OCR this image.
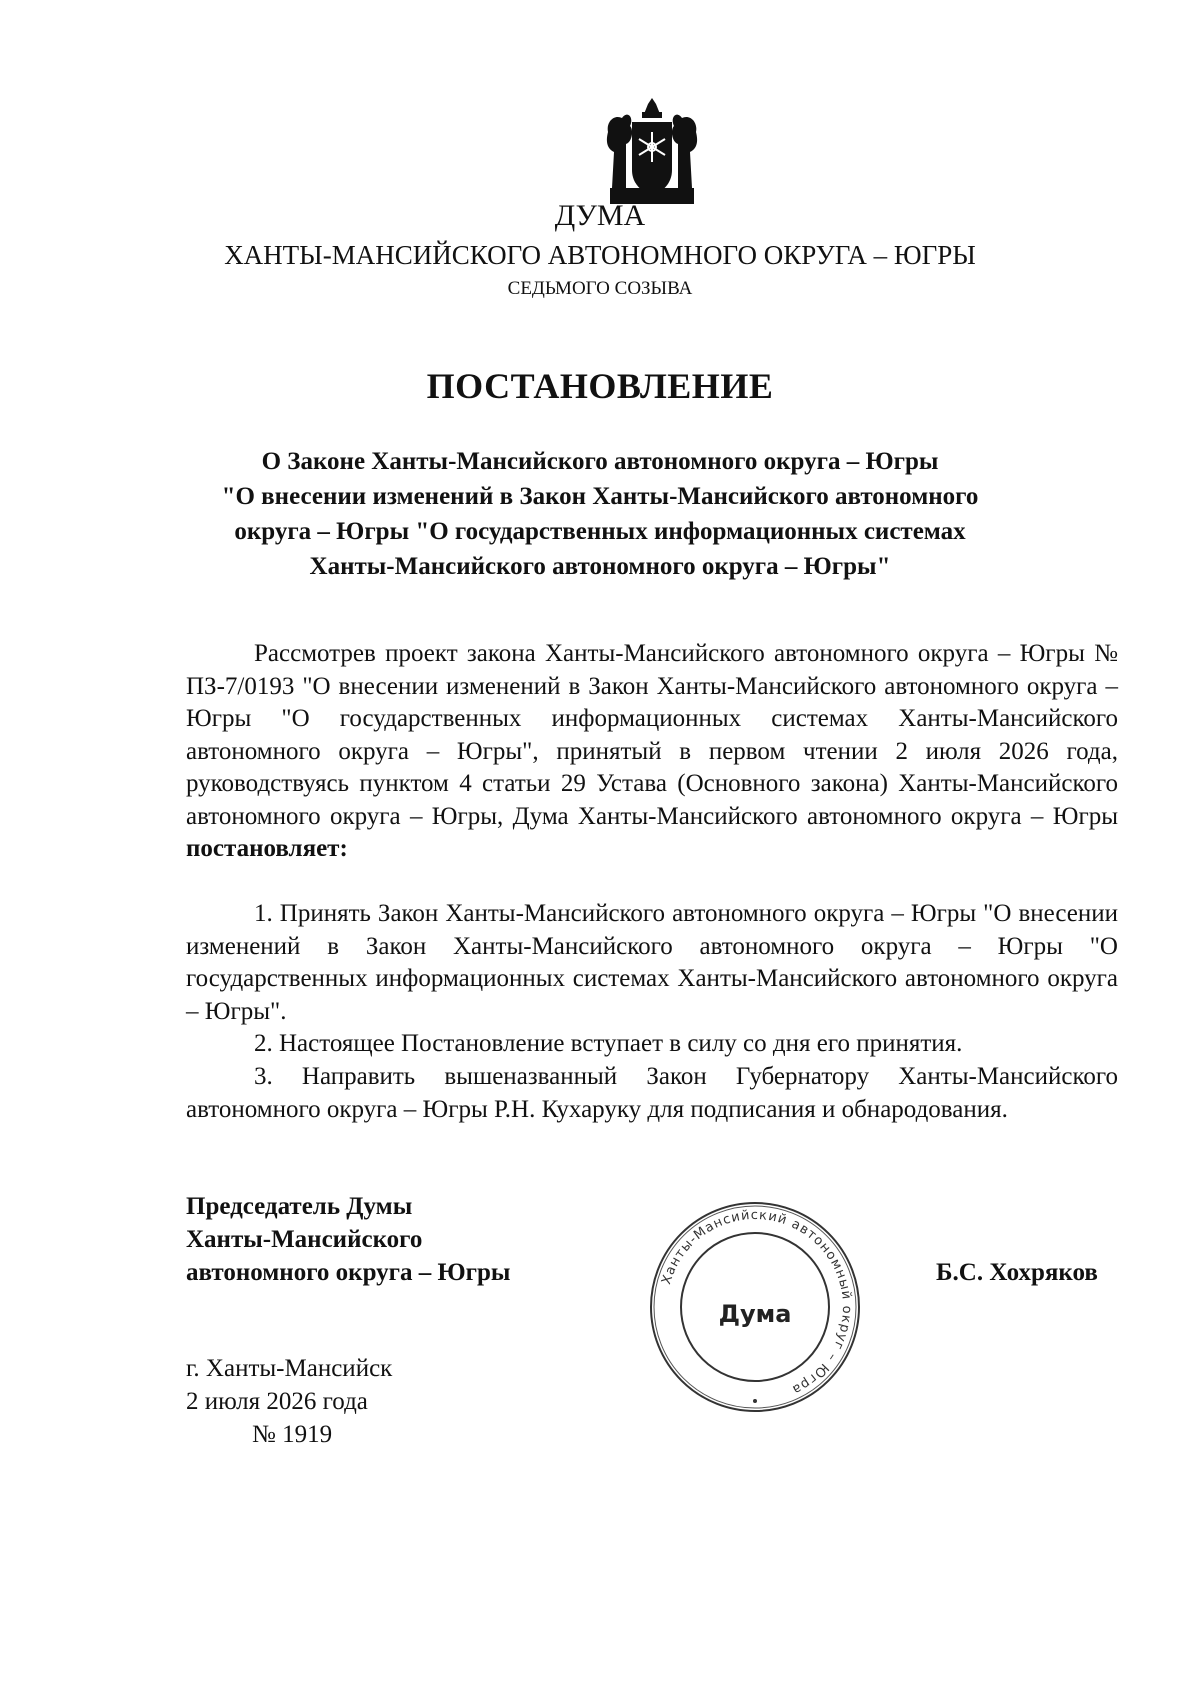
ДУМА
ХАНТЫ-МАНСИЙСКОГО АВТОНОМНОГО ОКРУГА – ЮГРЫ
СЕДЬМОГО СОЗЫВА
ПОСТАНОВЛЕНИЕ
О Законе Ханты-Мансийского автономного округа – Югры
"О внесении изменений в Закон Ханты-Мансийского автономного
округа – Югры "О государственных информационных системах
Ханты-Мансийского автономного округа – Югры"
Рассмотрев проект закона Ханты-Мансийского автономного округа – Югры № ПЗ-7/0193 "О внесении изменений в Закон Ханты-Мансийского автономного округа – Югры "О государственных информационных системах Ханты-Мансийского автономного округа – Югры", принятый в первом чтении 2 июля 2026 года, руководствуясь пунктом 4 статьи 29 Устава (Основного закона) Ханты-Мансийского автономного округа – Югры, Дума Ханты-Мансийского автономного округа – Югры постановляет:
1. Принять Закон Ханты-Мансийского автономного округа – Югры "О внесении изменений в Закон Ханты-Мансийского автономного округа – Югры "О государственных информационных системах Ханты-Мансийского автономного округа – Югры".
2. Настоящее Постановление вступает в силу со дня его принятия.
3. Направить вышеназванный Закон Губернатору Ханты-Мансийского автономного округа – Югры Р.Н. Кухаруку для подписания и обнародования.
Председатель Думы
Ханты-Мансийского
автономного округа – Югры	Ханты-Мансийский автономный округ – Югра
Дума
Б.С. Хохряков
г. Ханты-Мансийск
2 июля 2026 года
№ 1919
